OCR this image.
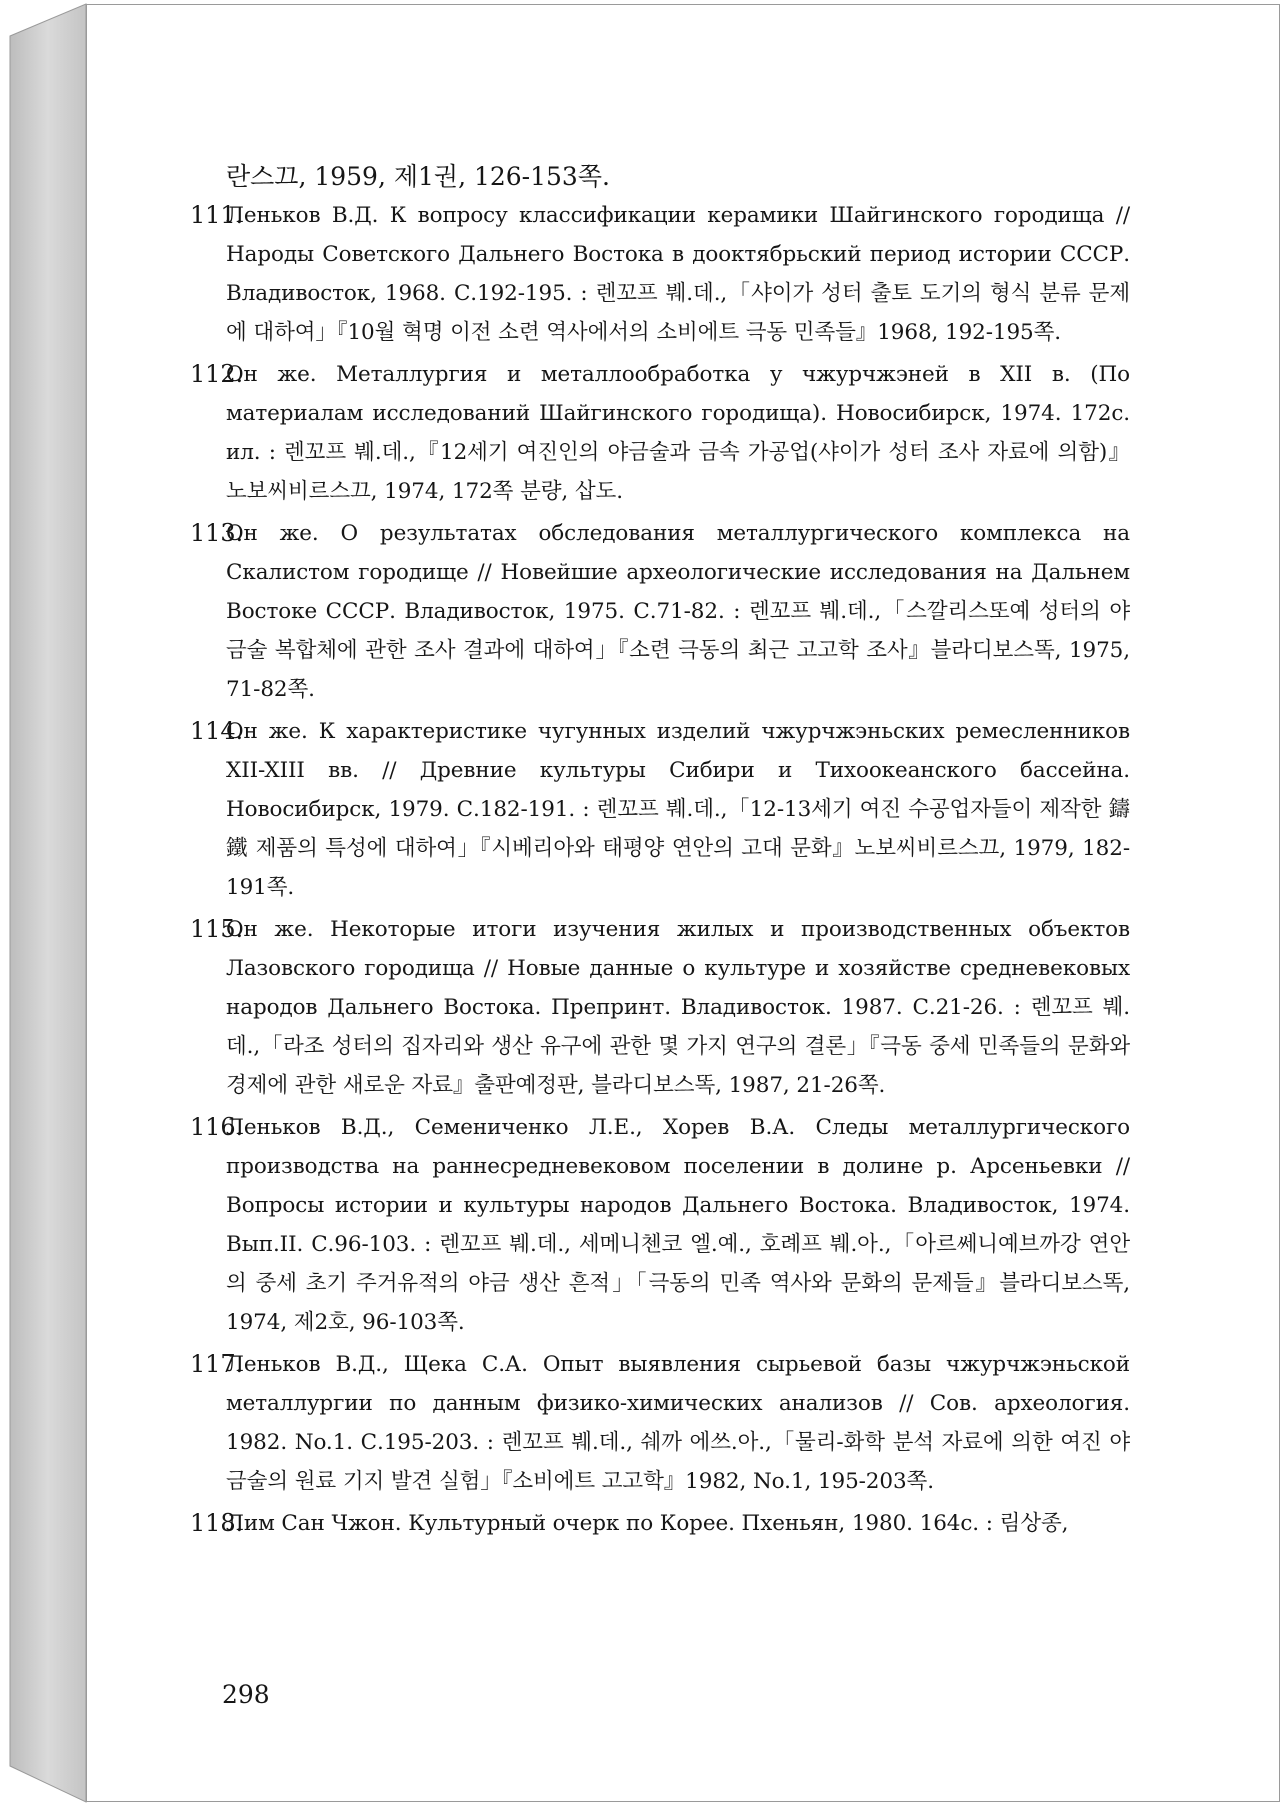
란스끄, 1959, 제1권, 126-153쪽.

111.
Леньков В.Д. К вопросу классификации керамики Шайгинского городища // Народы Советского Дальнего Востока в дооктябрьский период истории СССР. Владивосток, 1968. С.192-195. : 렌꼬프 붸.데.,「샤이가 성터 출토 도기의 형식 분류 문제에 대하여」『10월 혁명 이전 소련 역사에서의 소비에트 극동 민족들』1968, 192-195쪽.
112.
Он же. Металлургия и металлообработка у чжурчжэней в XII в. (По материалам исследований Шайгинского городища). Новосибирск, 1974. 172с. ил. : 렌꼬프 붸.데.,『12세기 여진인의 야금술과 금속 가공업(샤이가 성터 조사 자료에 의함)』노보씨비르스끄, 1974, 172쪽 분량, 삽도.
113.
Он же. О результатах обследования металлургического комплекса на Скалистом городище // Новейшие археологические исследования на Дальнем Востоке СССР. Владивосток, 1975. С.71-82. : 렌꼬프 붸.데.,「스깔리스또예 성터의 야금술 복합체에 관한 조사 결과에 대하여」『소련 극동의 최근 고고학 조사』블라디보스똑, 1975, 71-82쪽.
114.
Он же. К характеристике чугунных изделий чжурчжэньских ремесленников XII-XIII вв. // Древние культуры Сибири и Тихоокеанского бассейна. Новосибирск, 1979. С.182-191. : 렌꼬프 붸.데.,「12-13세기 여진 수공업자들이 제작한 鑄鐵 제품의 특성에 대하여」『시베리아와 태평양 연안의 고대 문화』노보씨비르스끄, 1979, 182-191쪽.
115.
Он же. Некоторые итоги изучения жилых и производственных объектов Лазовского городища // Новые данные о культуре и хозяйстве средневековых народов Дальнего Востока. Препринт. Владивосток. 1987. С.21-26. : 렌꼬프 붸.데.,「라조 성터의 집자리와 생산 유구에 관한 몇 가지 연구의 결론」『극동 중세 민족들의 문화와 경제에 관한 새로운 자료』출판예정판, 블라디보스똑, 1987, 21-26쪽.
116.
Леньков В.Д., Семениченко Л.Е., Хорев В.А. Следы металлургического производства на раннесредневековом поселении в долине р. Арсеньевки // Вопросы истории и культуры народов Дальнего Востока. Владивосток, 1974. Вып.II. С.96-103. : 렌꼬프 붸.데., 세메니첸코 엘.예., 호례프 붸.아.,「아르쎄니예브까강 연안의 중세 초기 주거유적의 야금 생산 흔적」「극동의 민족 역사와 문화의 문제들』블라디보스똑, 1974, 제2호, 96-103쪽.
117.
Леньков В.Д., Щека С.А. Опыт выявления сырьевой базы чжурчжэньской металлургии по данным физико-химических анализов // Сов. археология. 1982. No.1. С.195-203. : 렌꼬프 붸.데., 쉐까 에쓰.아.,「물리-화학 분석 자료에 의한 여진 야금술의 원료 기지 발견 실험」『소비에트 고고학』1982, No.1, 195-203쪽.
118.
Лим Сан Чжон. Культурный очерк по Корее. Пхеньян, 1980. 164с. : 림상종,
298
